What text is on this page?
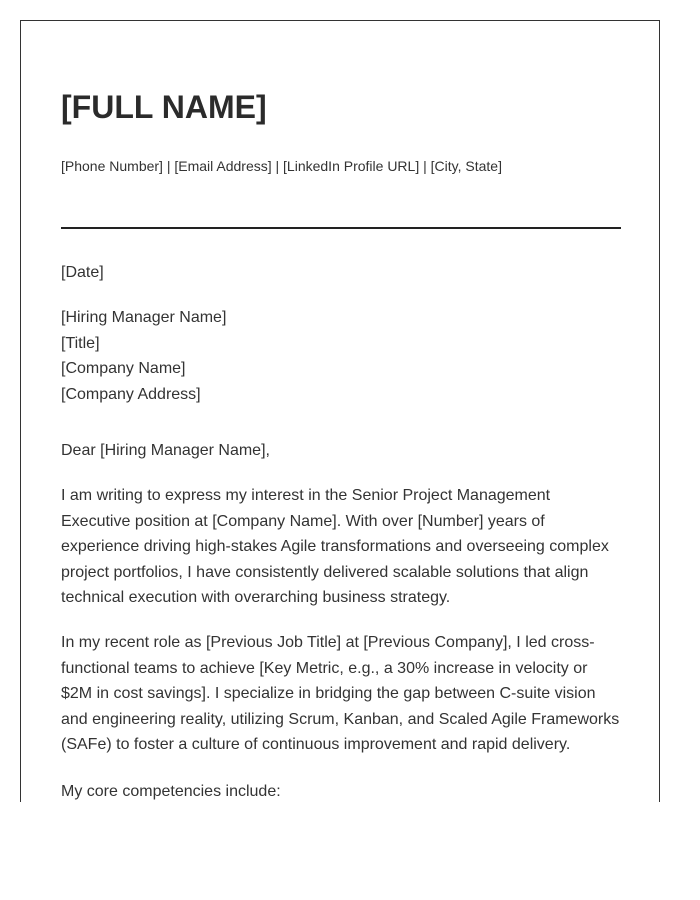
[FULL NAME]
[Phone Number] | [Email Address] | [LinkedIn Profile URL] | [City, State]

[Date]

[Hiring Manager Name]
[Title]
[Company Name]
[Company Address]

Dear [Hiring Manager Name],

I am writing to express my interest in the Senior Project Management
Executive position at [Company Name]. With over [Number] years of
experience driving high-stakes Agile transformations and overseeing complex
project portfolios, I have consistently delivered scalable solutions that align
technical execution with overarching business strategy.
In my recent role as [Previous Job Title] at [Previous Company], I led cross-
functional teams to achieve [Key Metric, e.g., a 30% increase in velocity or
$2M in cost savings]. I specialize in bridging the gap between C-suite vision
and engineering reality, utilizing Scrum, Kanban, and Scaled Agile Frameworks
(SAFe) to foster a culture of continuous improvement and rapid delivery.

My core competencies include:
